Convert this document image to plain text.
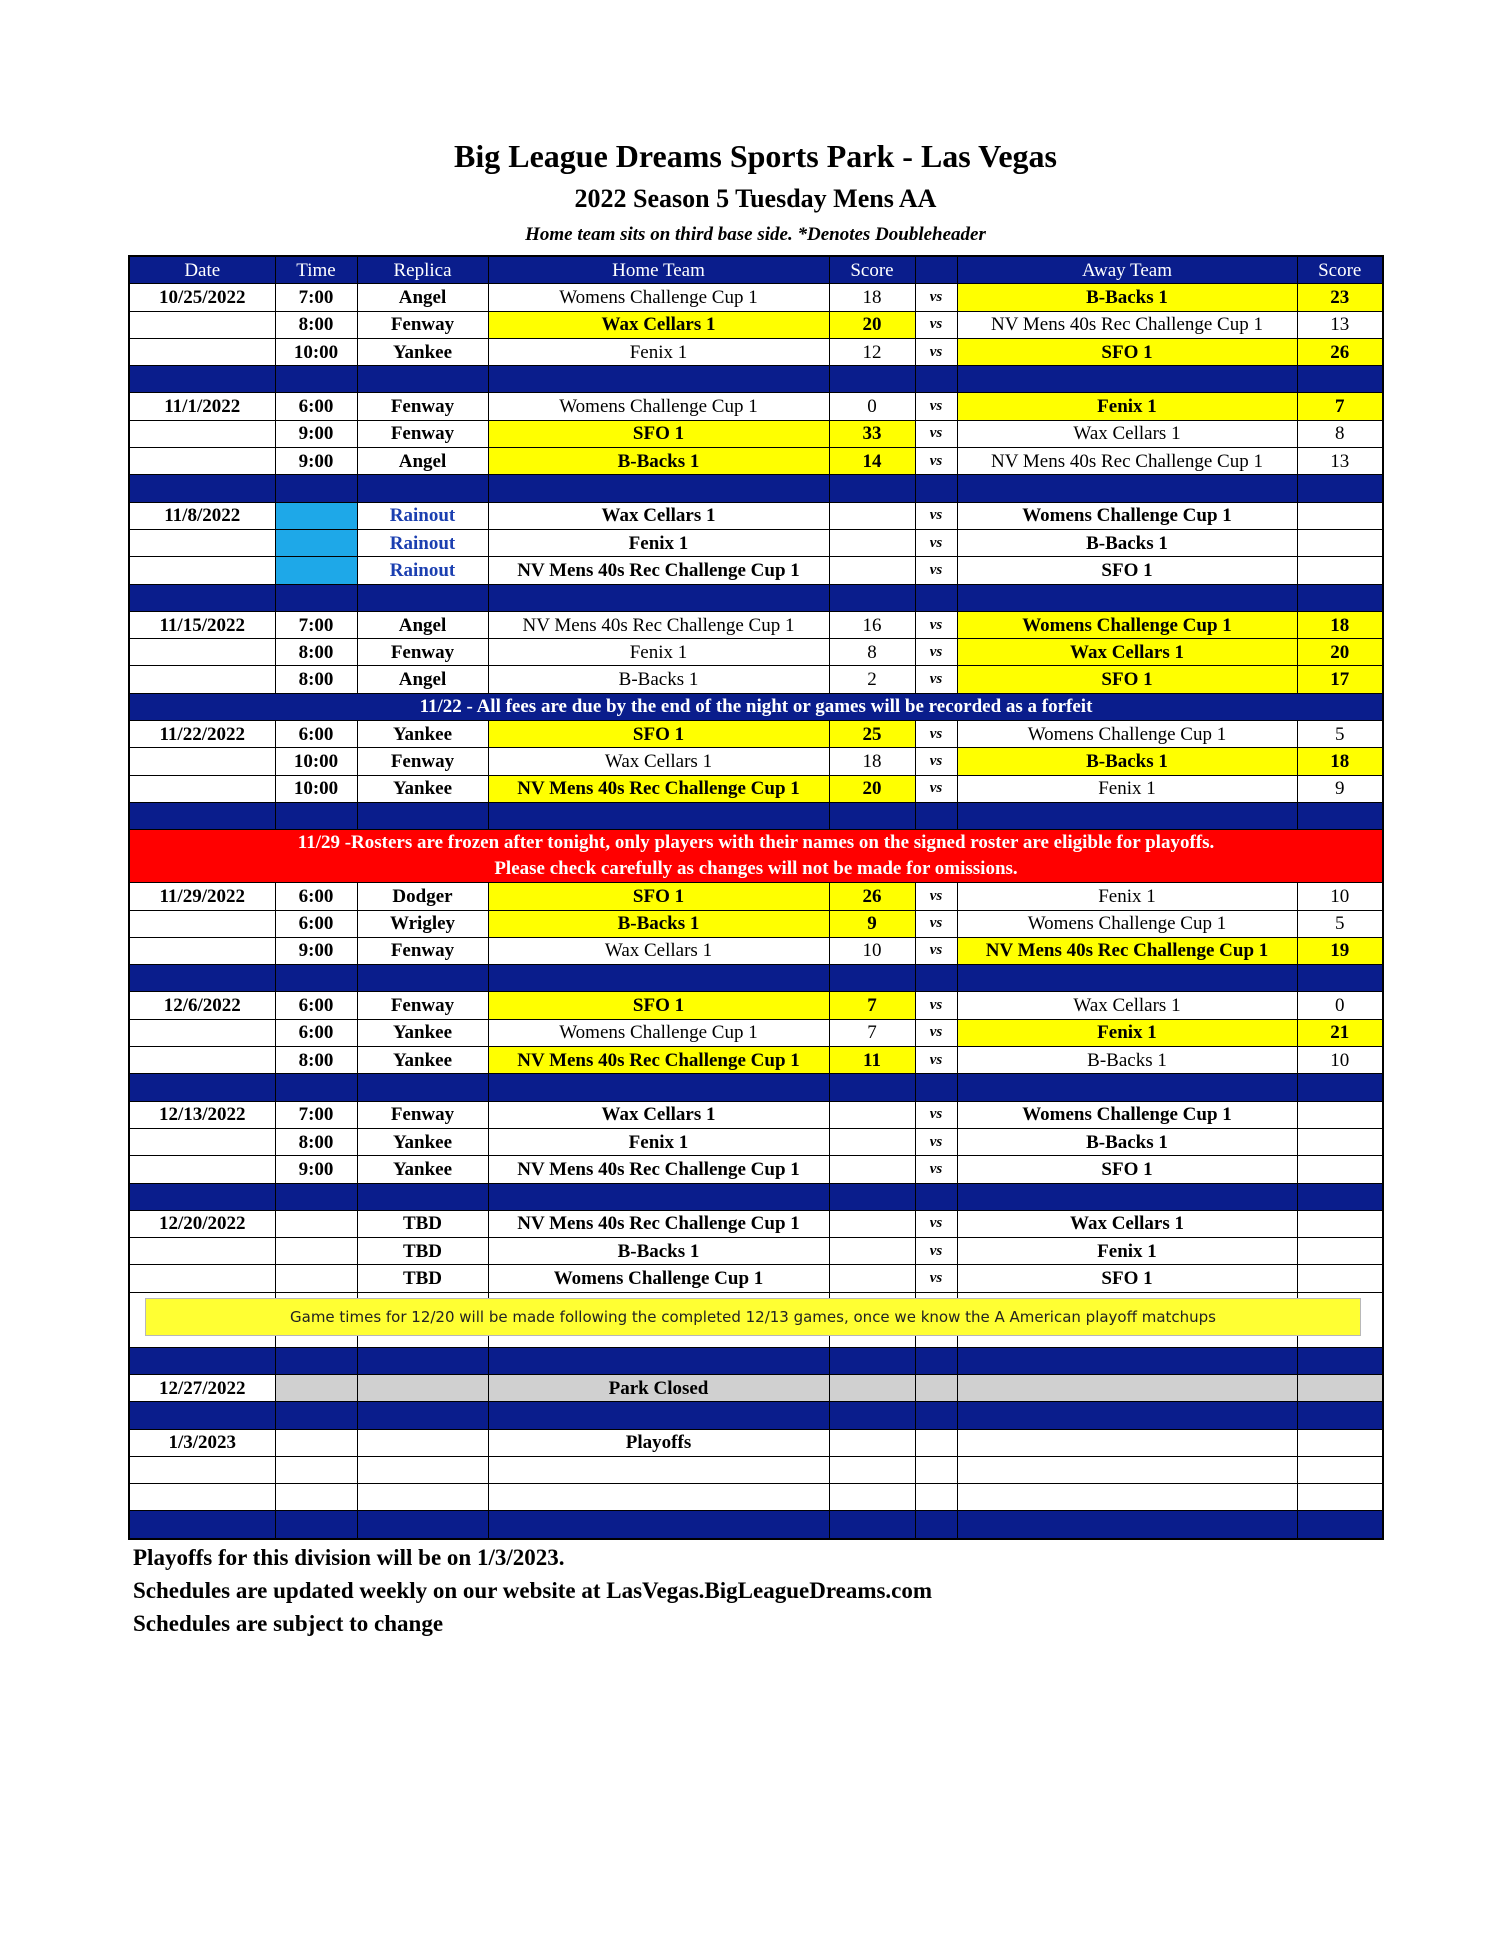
Big League Dreams Sports Park - Las Vegas
2022 Season 5 Tuesday Mens AA
Home team sits on third base side. *Denotes Doubleheader
Date	Time	Replica	Home Team	Score		Away Team	Score
10/25/2022	7:00	Angel	Womens Challenge Cup 1	18	vs	B-Backs 1	23
	8:00	Fenway	Wax Cellars 1	20	vs	NV Mens 40s Rec Challenge Cup 1	13
	10:00	Yankee	Fenix 1	12	vs	SFO 1	26

11/1/2022	6:00	Fenway	Womens Challenge Cup 1	0	vs	Fenix 1	7
	9:00	Fenway	SFO 1	33	vs	Wax Cellars 1	8
	9:00	Angel	B-Backs 1	14	vs	NV Mens 40s Rec Challenge Cup 1	13

11/8/2022		Rainout	Wax Cellars 1		vs	Womens Challenge Cup 1	
		Rainout	Fenix 1		vs	B-Backs 1	
		Rainout	NV Mens 40s Rec Challenge Cup 1		vs	SFO 1	

11/15/2022	7:00	Angel	NV Mens 40s Rec Challenge Cup 1	16	vs	Womens Challenge Cup 1	18
	8:00	Fenway	Fenix 1	8	vs	Wax Cellars 1	20
	8:00	Angel	B-Backs 1	2	vs	SFO 1	17
11/22 - All fees are due by the end of the night or games will be recorded as a forfeit							
11/22/2022	6:00	Yankee	SFO 1	25	vs	Womens Challenge Cup 1	5
	10:00	Fenway	Wax Cellars 1	18	vs	B-Backs 1	18
	10:00	Yankee	NV Mens 40s Rec Challenge Cup 1	20	vs	Fenix 1	9

11/29 -Rosters are frozen after tonight, only players with their names on the signed roster are eligible for playoffs.
Please check carefully as changes will not be made for omissions.							

11/29/2022	6:00	Dodger	SFO 1	26	vs	Fenix 1	10
	6:00	Wrigley	B-Backs 1	9	vs	Womens Challenge Cup 1	5
	9:00	Fenway	Wax Cellars 1	10	vs	NV Mens 40s Rec Challenge Cup 1	19

12/6/2022	6:00	Fenway	SFO 1	7	vs	Wax Cellars 1	0
	6:00	Yankee	Womens Challenge Cup 1	7	vs	Fenix 1	21
	8:00	Yankee	NV Mens 40s Rec Challenge Cup 1	11	vs	B-Backs 1	10

12/13/2022	7:00	Fenway	Wax Cellars 1		vs	Womens Challenge Cup 1	
	8:00	Yankee	Fenix 1		vs	B-Backs 1	
	9:00	Yankee	NV Mens 40s Rec Challenge Cup 1		vs	SFO 1	

12/20/2022		TBD	NV Mens 40s Rec Challenge Cup 1		vs	Wax Cellars 1	
		TBD	B-Backs 1		vs	Fenix 1	
		TBD	Womens Challenge Cup 1		vs	SFO 1	

12/27/2022			Park Closed				

1/3/2023			Playoffs				

Game times for 12/20 will be made following the completed 12/13 games, once we know the A American playoff matchups
Playoffs for this division will be on 1/3/2023.
Schedules are updated weekly on our website at LasVegas.BigLeagueDreams.com
Schedules are subject to change
